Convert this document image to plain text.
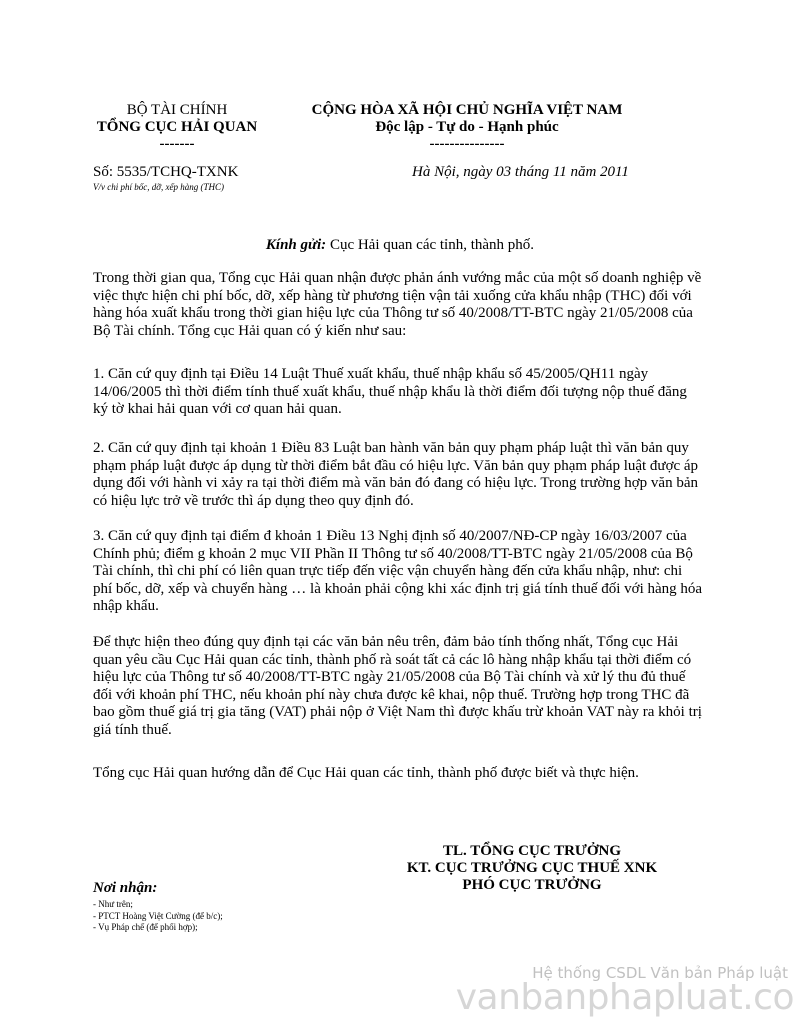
BỘ TÀI CHÍNH
TỔNG CỤC HẢI QUAN
-------
CỘNG HÒA XÃ HỘI CHỦ NGHĨA VIỆT NAM
Độc lập - Tự do - Hạnh phúc
---------------
Số: 5535/TCHQ-TXNK
V/v chi phí bốc, dỡ, xếp hàng (THC)
Hà Nội, ngày 03 tháng 11 năm 2011
Kính gửi: Cục Hải quan các tỉnh, thành phố.

Trong thời gian qua, Tổng cục Hải quan nhận được phản ánh vướng mắc của một số doanh nghiệp về việc thực hiện chi phí bốc, dỡ, xếp hàng từ phương tiện vận tải xuống cửa khẩu nhập (THC) đối với hàng hóa xuất khẩu trong thời gian hiệu lực của Thông tư số 40/2008/TT-BTC ngày 21/05/2008 của Bộ Tài chính. Tổng cục Hải quan có ý kiến như sau:

1. Căn cứ quy định tại Điều 14 Luật Thuế xuất khẩu, thuế nhập khẩu số 45/2005/QH11 ngày 14/06/2005 thì thời điểm tính thuế xuất khẩu, thuế nhập khẩu là thời điểm đối tượng nộp thuế đăng ký tờ khai hải quan với cơ quan hải quan.

2. Căn cứ quy định tại khoản 1 Điều 83 Luật ban hành văn bản quy phạm pháp luật thì văn bản quy phạm pháp luật được áp dụng từ thời điểm bắt đầu có hiệu lực. Văn bản quy phạm pháp luật được áp dụng đối với hành vi xảy ra tại thời điểm mà văn bản đó đang có hiệu lực. Trong trường hợp văn bản có hiệu lực trở về trước thì áp dụng theo quy định đó.

3. Căn cứ quy định tại điểm đ khoản 1 Điều 13 Nghị định số 40/2007/NĐ-CP ngày 16/03/2007 của Chính phủ; điểm g khoản 2 mục VII Phần II Thông tư số 40/2008/TT-BTC ngày 21/05/2008 của Bộ Tài chính, thì chi phí có liên quan trực tiếp đến việc vận chuyển hàng đến cửa khẩu nhập, như: chi phí bốc, dỡ, xếp và chuyển hàng … là khoản phải cộng khi xác định trị giá tính thuế đối với hàng hóa nhập khẩu.

Để thực hiện theo đúng quy định tại các văn bản nêu trên, đảm bảo tính thống nhất, Tổng cục Hải quan yêu cầu Cục Hải quan các tỉnh, thành phố rà soát tất cả các lô hàng nhập khẩu tại thời điểm có hiệu lực của Thông tư số 40/2008/TT-BTC ngày 21/05/2008 của Bộ Tài chính và xử lý thu đủ thuế đối với khoản phí THC, nếu khoản phí này chưa được kê khai, nộp thuế. Trường hợp trong THC đã bao gồm thuế giá trị gia tăng (VAT) phải nộp ở Việt Nam thì được khấu trừ khoản VAT này ra khỏi trị giá tính thuế.

Tổng cục Hải quan hướng dẫn để Cục Hải quan các tỉnh, thành phố được biết và thực hiện.

TL. TỔNG CỤC TRƯỞNG
KT. CỤC TRƯỞNG CỤC THUẾ XNK
PHÓ CỤC TRƯỞNG
Nơi nhận:
- Như trên;
- PTCT Hoàng Việt Cường (để b/c);
- Vụ Pháp chế (để phối hợp);
Hệ thống CSDL Văn bản Pháp luật
vanbanphapluat.co
